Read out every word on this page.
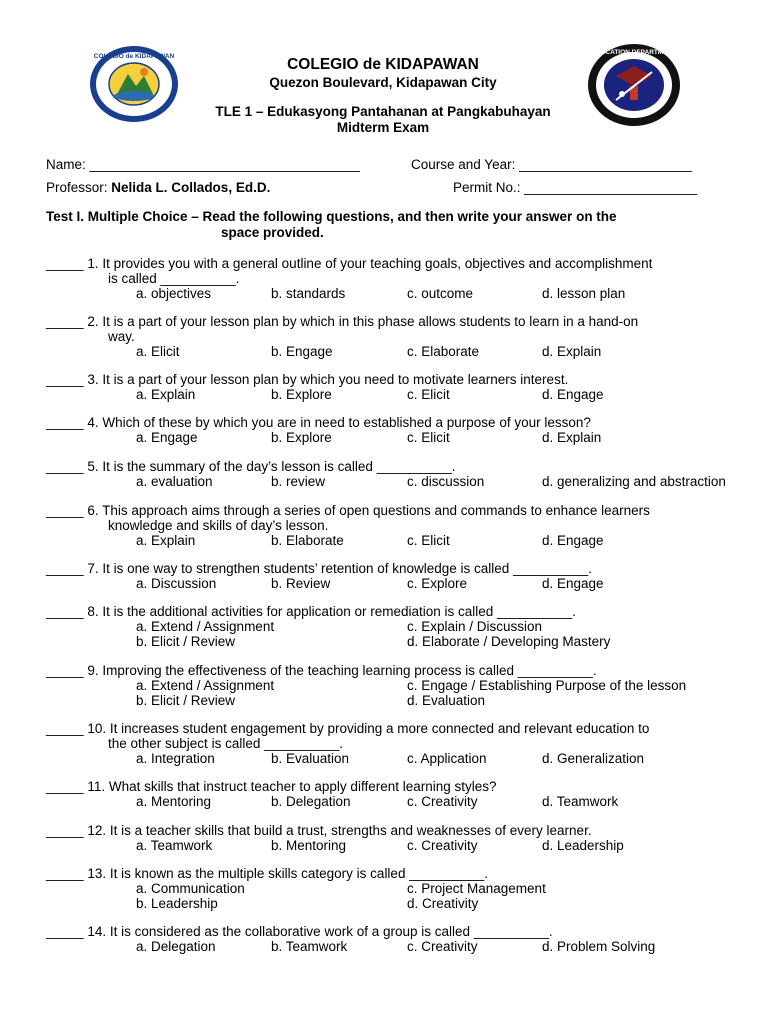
COLEGIO de KIDAPAWAN
EDUCATION DEPARTMENT
COLEGIO de KIDAPAWAN
Quezon Boulevard, Kidapawan City
TLE 1 – Edukasyong Pantahanan at Pangkabuhayan
Midterm Exam
Name: ____________________________________	Course and Year: _______________________
Professor: Nelida L. Collados, Ed.D.	Permit No.: _______________________
Test I. Multiple Choice – Read the following questions, and then write your answer on the
space provided.
_____ 1. It provides you with a general outline of your teaching goals, objectives and accomplishment
is called __________.
a. objectives	b. standards	c. outcome	d. lesson plan
_____ 2. It is a part of your lesson plan by which in this phase allows students to learn in a hand-on
way.
a. Elicit	b. Engage	c. Elaborate	d. Explain
_____ 3. It is a part of your lesson plan by which you need to motivate learners interest.
a. Explain	b. Explore	c. Elicit	d. Engage
_____ 4. Which of these by which you are in need to established a purpose of your lesson?
a. Engage	b. Explore	c. Elicit	d. Explain
_____ 5. It is the summary of the day’s lesson is called __________.
a. evaluation	b. review	c. discussion	d. generalizing and abstraction
_____ 6. This approach aims through a series of open questions and commands to enhance learners
knowledge and skills of day’s lesson.
a. Explain	b. Elaborate	c. Elicit	d. Engage
_____ 7. It is one way to strengthen students’ retention of knowledge is called __________.
a. Discussion	b. Review	c. Explore	d. Engage
_____ 8. It is the additional activities for application or remediation is called __________.
a. Extend / Assignment	c. Explain / Discussion
b. Elicit / Review	d. Elaborate / Developing Mastery
_____ 9. Improving the effectiveness of the teaching learning process is called __________.
a. Extend / Assignment	c. Engage / Establishing Purpose of the lesson
b. Elicit / Review	d. Evaluation
_____ 10. It increases student engagement by providing a more connected and relevant education to
the other subject is called __________.
a. Integration	b. Evaluation	c. Application	d. Generalization
_____ 11. What skills that instruct teacher to apply different learning styles?
a. Mentoring	b. Delegation	c. Creativity	d. Teamwork
_____ 12. It is a teacher skills that build a trust, strengths and weaknesses of every learner.
a. Teamwork	b. Mentoring	c. Creativity	d. Leadership
_____ 13. It is known as the multiple skills category is called __________.
a. Communication	c. Project Management
b. Leadership	d. Creativity
_____ 14. It is considered as the collaborative work of a group is called __________.
a. Delegation	b. Teamwork	c. Creativity	d. Problem Solving
